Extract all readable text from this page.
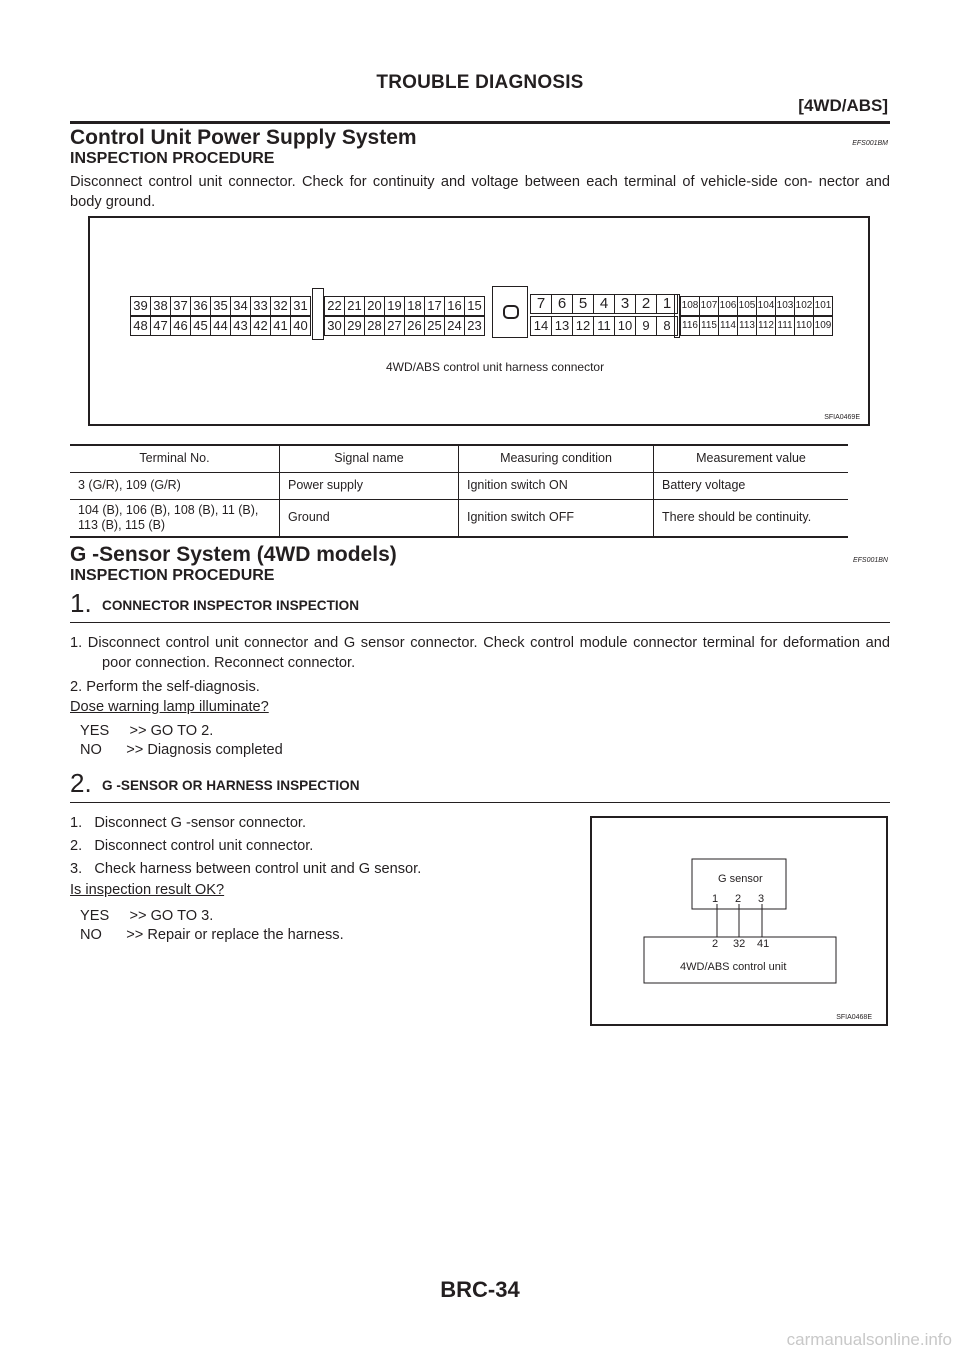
TROUBLE DIAGNOSIS
[4WD/ABS]
Control Unit Power Supply System	EFS001BM
INSPECTION PROCEDURE
Disconnect control unit connector. Check for continuity and voltage between each terminal of vehicle-side con- nector and body ground.
39 38 37 36 35 34 33 32 31
48 47 46 45 44 43 42 41 40
22 21 20 19 18 17 16 15
30 29 28 27 26 25 24 23
7 6 5 4 3 2 1
14 13 12 11 10 9	8
108 107 106 105 104 103 102 101
116 115 114 113 112 111 110 109
4WD/ABS control unit harness connector
SFIA0469E
Terminal No.	Signal name	Measuring condition	Measurement value
3 (G/R), 109 (G/R)	Power supply	Ignition switch ON	Battery voltage
104 (B), 106 (B), 108 (B), 11 (B), 113 (B), 115 (B)	Ground	Ignition switch OFF	There should be continuity.
G -Sensor System (4WD models)	EFS001BN
INSPECTION PROCEDURE
1. CONNECTOR INSPECTOR INSPECTION
1. Disconnect control unit connector and G sensor connector. Check control module connector terminal for deformation and poor connection. Reconnect connector.
2. Perform the self-diagnosis.
Dose warning lamp illuminate?
YES     >> GO TO 2.
NO      >> Diagnosis completed
2. G -SENSOR OR HARNESS INSPECTION
1.   Disconnect G -sensor connector.
2.   Disconnect control unit connector.
3.   Check harness between control unit and G sensor.
Is inspection result OK?
YES     >> GO TO 3.
NO      >> Repair or replace the harness.
G sensor
1 2 3
2 32 41
4WD/ABS control unit
SFIA0468E
BRC-34
carmanualsonline.info
